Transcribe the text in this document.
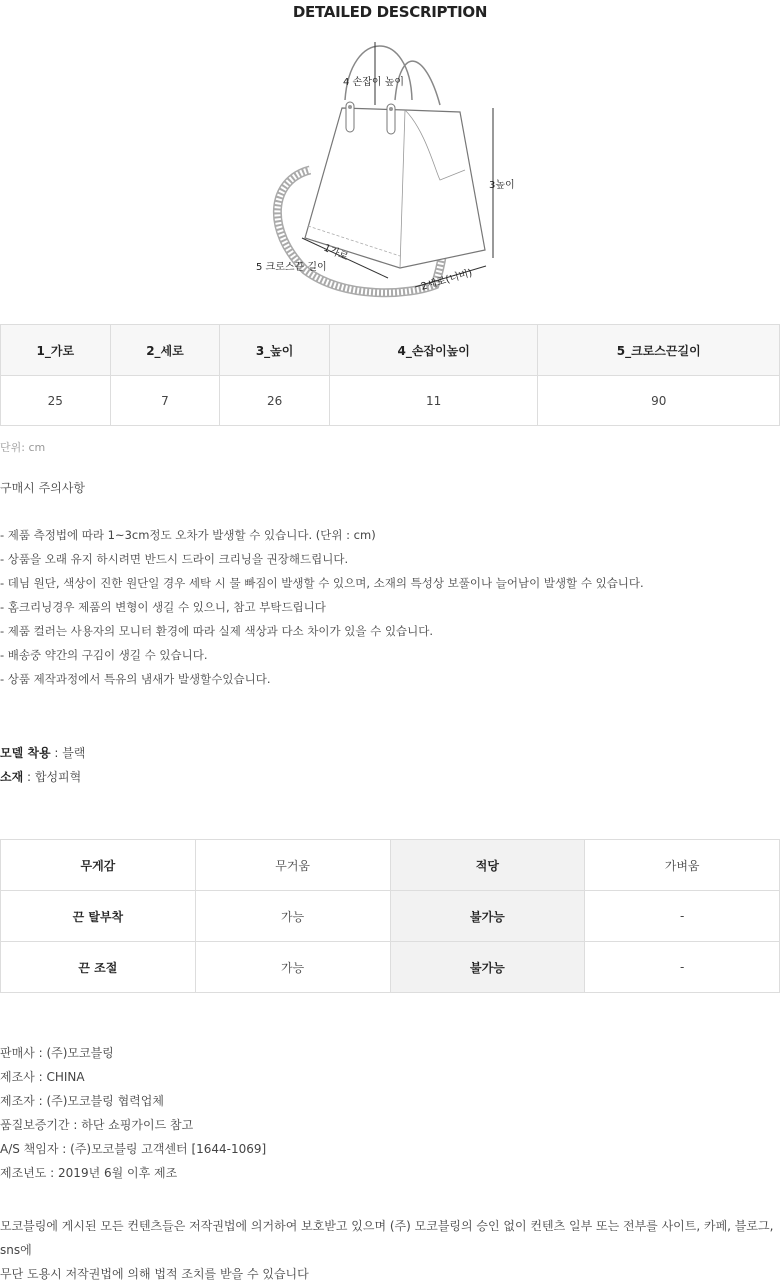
DETAILED DESCRIPTION
4 손잡이 높이
3높이
1가로
5 크로스끈 길이
2세로(너비)
1_가로	2_세로	3_높이	4_손잡이높이	5_크로스끈길이
25	7	26	11	90
단위: cm
구매시 주의사항
- 제품 측정법에 따라 1~3cm정도 오차가 발생할 수 있습니다. (단위 : cm)
- 상품을 오래 유지 하시려면 반드시 드라이 크리닝을 권장해드립니다.
- 데님 원단, 색상이 진한 원단일 경우 세탁 시 물 빠짐이 발생할 수 있으며, 소재의 특성상 보풀이나 늘어남이 발생할 수 있습니다.
- 홈크리닝경우 제품의 변형이 생길 수 있으니, 참고 부탁드립니다
- 제품 컬러는 사용자의 모니터 환경에 따라 실제 색상과 다소 차이가 있을 수 있습니다.
- 배송중 약간의 구김이 생길 수 있습니다.
- 상품 제작과정에서 특유의 냄새가 발생할수있습니다.
모델 착용 : 블랙
소재 : 합성피혁
무게감	무거움	적당	가벼움
끈 탈부착	가능	불가능	-
끈 조절	가능	불가능	-
판매사 : (주)모코블링
제조사 : CHINA
제조자 : (주)모코블링 협력업체
품질보증기간 : 하단 쇼핑가이드 참고
A/S 책임자 : (주)모코블링 고객센터 [1644-1069]
제조년도 : 2019년 6월 이후 제조
모코블링에 게시된 모든 컨텐츠들은 저작권법에 의거하여 보호받고 있으며 (주) 모코블링의 승인 없이 컨텐츠 일부 또는 전부를 사이트, 카페, 블로그, sns에
무단 도용시 저작권법에 의해 법적 조치를 받을 수 있습니다
